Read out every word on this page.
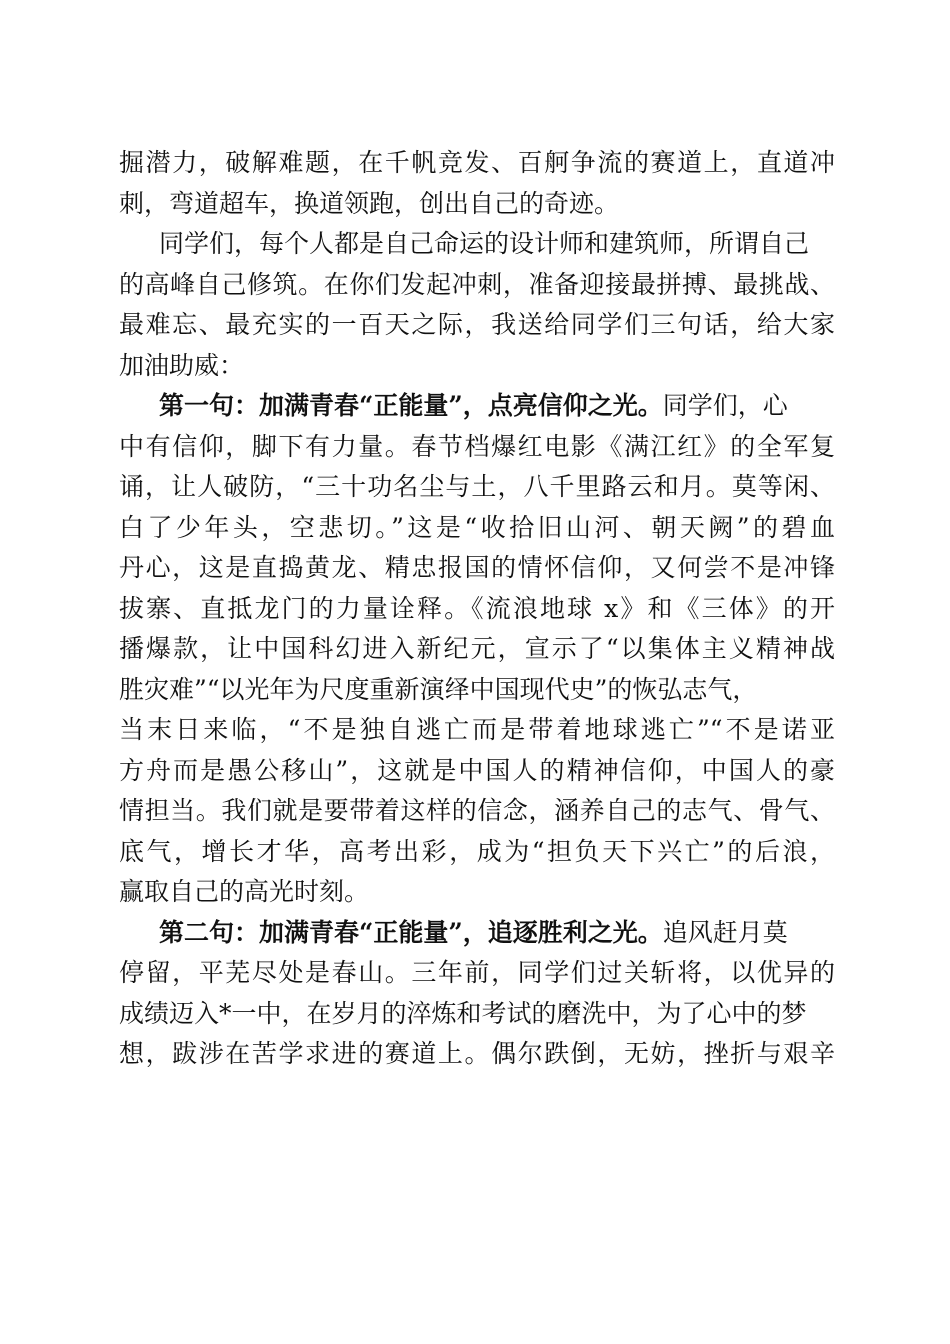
掘潜力，破解难题，在千帆竞发、百舸争流的赛道上，直道冲
刺，弯道超车，换道领跑，创出自己的奇迹。
同学们，每个人都是自己命运的设计师和建筑师，所谓自己
的高峰自己修筑。在你们发起冲刺，准备迎接最拼搏、最挑战、
最难忘、最充实的一百天之际，我送给同学们三句话，给大家
加油助威：
第一句：加满青春“正能量”，点亮信仰之光。同学们，心
中有信仰，脚下有力量。春节档爆红电影《满江红》的全军复
诵，让人破防，“三十功名尘与土，八千里路云和月。莫等闲、
白了少年头，空悲切。”这是“收拾旧山河、朝天阙”的碧血
丹心，这是直捣黄龙、精忠报国的情怀信仰，又何尝不是冲锋
拔寨、直抵龙门的力量诠释。《流浪地球 x》和《三体》的开
播爆款，让中国科幻进入新纪元，宣示了“以集体主义精神战
胜灾难”“以光年为尺度重新演绎中国现代史”的恢弘志气，
当末日来临，“不是独自逃亡而是带着地球逃亡”“不是诺亚
方舟而是愚公移山”，这就是中国人的精神信仰，中国人的豪
情担当。我们就是要带着这样的信念，涵养自己的志气、骨气、
底气，增长才华，高考出彩，成为“担负天下兴亡”的后浪，
赢取自己的高光时刻。
第二句：加满青春“正能量”，追逐胜利之光。追风赶月莫
停留，平芜尽处是春山。三年前，同学们过关斩将，以优异的
成绩迈入*一中，在岁月的淬炼和考试的磨洗中，为了心中的梦
想，跋涉在苦学求进的赛道上。偶尔跌倒，无妨，挫折与艰辛
